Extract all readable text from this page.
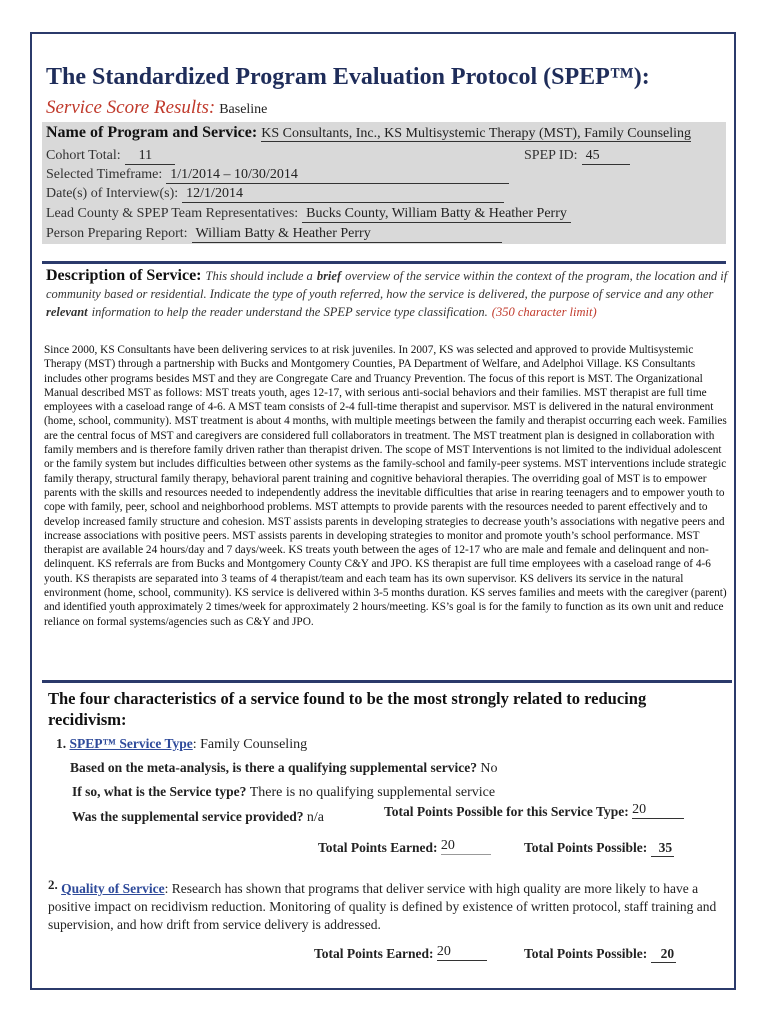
The Standardized Program Evaluation Protocol (SPEP™):
Service Score Results: Baseline
Name of Program and Service: KS Consultants, Inc., KS Multisystemic Therapy (MST), Family Counseling
Cohort Total: 11	SPEP ID: 45
Selected Timeframe: 1/1/2014 – 10/30/2014
Date(s) of Interview(s): 12/1/2014
Lead County & SPEP Team Representatives: Bucks County, William Batty & Heather Perry
Person Preparing Report: William Batty & Heather Perry
Description of Service: This should include a brief overview of the service within the context of the program, the location and if community based or residential. Indicate the type of youth referred, how the service is delivered, the purpose of service and any other relevant information to help the reader understand the SPEP service type classification. (350 character limit)
Since 2000, KS Consultants have been delivering services to at risk juveniles. In 2007, KS was selected and approved to provide Multisystemic Therapy (MST) through a partnership with Bucks and Montgomery Counties, PA Department of Welfare, and Adelphoi Village. KS Consultants includes other programs besides MST and they are Congregate Care and Truancy Prevention. The focus of this report is MST. The Organizational Manual described MST as follows: MST treats youth, ages 12-17, with serious anti-social behaviors and their families. MST therapist are full time employees with a caseload range of 4-6. A MST team consists of 2-4 full-time therapist and supervisor. MST is delivered in the natural environment (home, school, community). MST treatment is about 4 months, with multiple meetings between the family and therapist occurring each week. Families are the central focus of MST and caregivers are considered full collaborators in treatment. The MST treatment plan is designed in collaboration with family members and is therefore family driven rather than therapist driven. The scope of MST Interventions is not limited to the individual adolescent or the family system but includes difficulties between other systems as the family-school and family-peer systems. MST interventions include strategic family therapy, structural family therapy, behavioral parent training and cognitive behavioral therapies. The overriding goal of MST is to empower parents with the skills and resources needed to independently address the inevitable difficulties that arise in rearing teenagers and to empower youth to cope with family, peer, school and neighborhood problems. MST attempts to provide parents with the resources needed to parent effectively and to develop increased family structure and cohesion. MST assists parents in developing strategies to decrease youth’s associations with negative peers and increase associations with positive peers. MST assists parents in developing strategies to monitor and promote youth’s school performance. MST therapist are available 24 hours/day and 7 days/week. KS treats youth between the ages of 12-17 who are male and female and delinquent and non-delinquent. KS referrals are from Bucks and Montgomery County C&Y and JPO. KS therapist are full time employees with a caseload range of 4-6 youth. KS therapists are separated into 3 teams of 4 therapist/team and each team has its own supervisor. KS delivers its service in the natural environment (home, school, community). KS service is delivered within 3-5 months duration. KS serves families and meets with the caregiver (parent) and identified youth approximately 2 times/week for approximately 2 hours/meeting. KS’s goal is for the family to function as its own unit and reduce reliance on formal systems/agencies such as C&Y and JPO.
The four characteristics of a service found to be the most strongly related to reducing recidivism:
1. SPEP™ Service Type: Family Counseling
Based on the meta-analysis, is there a qualifying supplemental service? No
If so, what is the Service type? There is no qualifying supplemental service
Was the supplemental service provided? n/a	Total Points Possible for this Service Type: 20
Total Points Earned: 20	Total Points Possible: 35
2. Quality of Service: Research has shown that programs that deliver service with high quality are more likely to have a positive impact on recidivism reduction. Monitoring of quality is defined by existence of written protocol, staff training and supervision, and how drift from service delivery is addressed.
Total Points Earned: 20	Total Points Possible: 20
